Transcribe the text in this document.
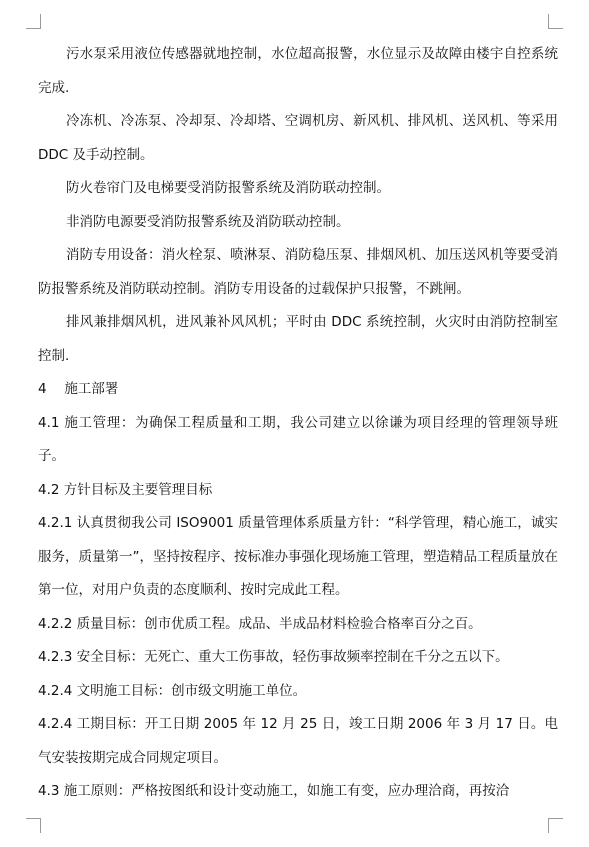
污水泵采用液位传感器就地控制，水位超高报警，水位显示及故障由楼宇自控系统完成.

冷冻机、冷冻泵、冷却泵、冷却塔、空调机房、新风机、排风机、送风机、等采用 DDC 及手动控制。

防火卷帘门及电梯要受消防报警系统及消防联动控制。

非消防电源要受消防报警系统及消防联动控制。

消防专用设备：消火栓泵、喷淋泵、消防稳压泵、排烟风机、加压送风机等要受消防报警系统及消防联动控制。消防专用设备的过载保护只报警，不跳闸。

排风兼排烟风机，进风兼补风风机；平时由 DDC 系统控制，火灾时由消防控制室控制.

4　 施工部署

4.1 施工管理：为确保工程质量和工期，我公司建立以徐谦为项目经理的管理领导班子。

4.2 方针目标及主要管理目标

4.2.1 认真贯彻我公司 ISO9001 质量管理体系质量方针：“科学管理，精心施工，诚实服务，质量第一”，坚持按程序、按标准办事强化现场施工管理，塑造精品工程质量放在第一位，对用户负责的态度顺利、按时完成此工程。

4.2.2 质量目标：创市优质工程。成品、半成品材料检验合格率百分之百。

4.2.3 安全目标：无死亡、重大工伤事故，轻伤事故频率控制在千分之五以下。

4.2.4 文明施工目标：创市级文明施工单位。

4.2.4 工期目标：开工日期 2005 年 12 月 25 日，竣工日期 2006 年 3 月 17 日。电气安装按期完成合同规定项目。

4.3 施工原则：严格按图纸和设计变动施工，如施工有变，应办理洽商，再按洽
